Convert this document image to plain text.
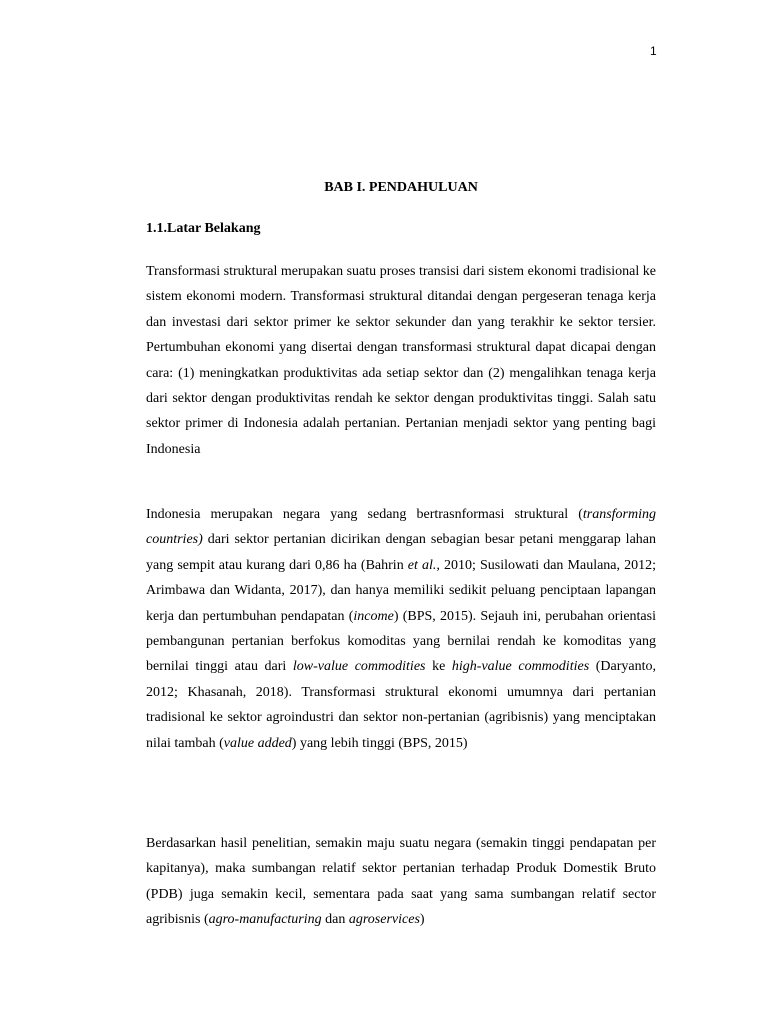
1
BAB I. PENDAHULUAN
1.1.Latar Belakang

Transformasi struktural merupakan suatu proses transisi dari sistem ekonomi tradisional ke sistem ekonomi modern. Transformasi struktural ditandai dengan pergeseran tenaga kerja dan investasi dari sektor primer ke sektor sekunder dan yang terakhir ke sektor tersier. Pertumbuhan ekonomi yang disertai dengan transformasi struktural dapat dicapai dengan cara: (1) meningkatkan produktivitas ada setiap sektor dan (2) mengalihkan tenaga kerja dari sektor dengan produktivitas rendah ke sektor dengan produktivitas tinggi. Salah satu sektor primer di Indonesia adalah pertanian. Pertanian menjadi sektor yang penting bagi Indonesia

Indonesia merupakan negara yang sedang bertrasnformasi struktural (transforming countries) dari sektor pertanian dicirikan dengan sebagian besar petani menggarap lahan yang sempit atau kurang dari 0,86 ha (Bahrin et al., 2010; Susilowati dan Maulana, 2012; Arimbawa dan Widanta, 2017), dan hanya memiliki sedikit peluang penciptaan lapangan kerja dan pertumbuhan pendapatan (income) (BPS, 2015). Sejauh ini, perubahan orientasi pembangunan pertanian berfokus komoditas yang bernilai rendah ke komoditas yang bernilai tinggi atau dari low-value commodities ke high-value commodities (Daryanto, 2012; Khasanah, 2018). Transformasi struktural ekonomi umumnya dari pertanian tradisional ke sektor agroindustri dan sektor non-pertanian (agribisnis) yang menciptakan nilai tambah (value added) yang lebih tinggi (BPS, 2015)

Berdasarkan hasil penelitian, semakin maju suatu negara (semakin tinggi pendapatan per kapitanya), maka sumbangan relatif sektor pertanian terhadap Produk Domestik Bruto (PDB) juga semakin kecil, sementara pada saat yang sama sumbangan relatif sector agribisnis (agro-manufacturing dan agroservices)
